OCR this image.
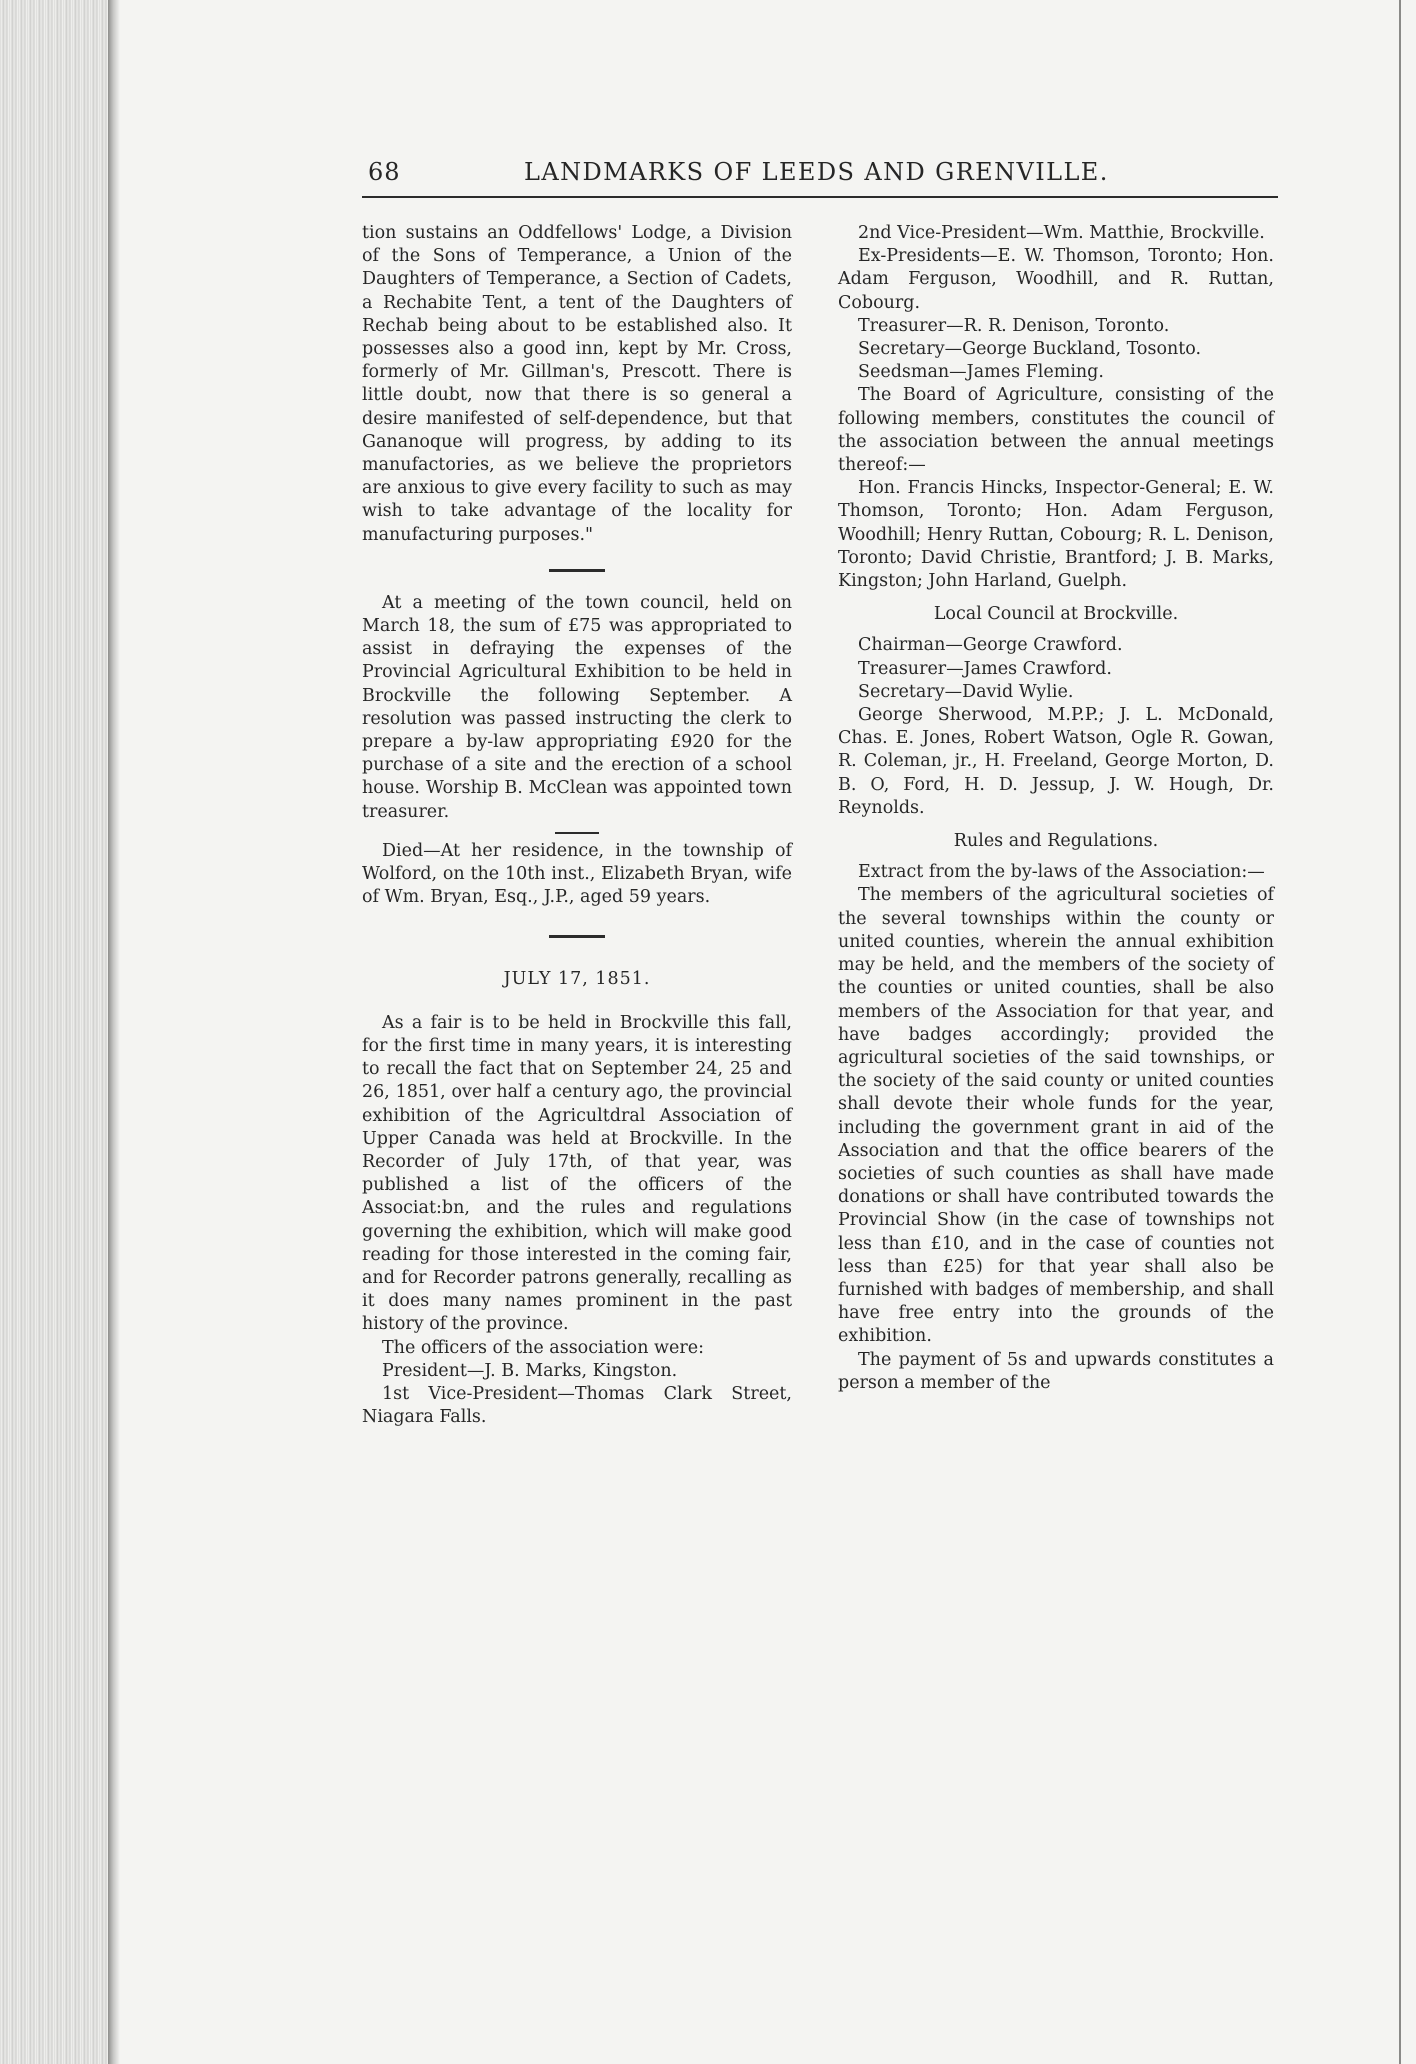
68	LANDMARKS OF LEEDS AND GRENVILLE.

tion sustains an Oddfellows' Lodge, a Division of the Sons of Temperance, a Union of the Daughters of Temperance, a Section of Cadets, a Rechabite Tent, a tent of the Daughters of Rechab being about to be established also. It possesses also a good inn, kept by Mr. Cross, formerly of Mr. Gillman's, Prescott. There is little doubt, now that there is so general a desire manifested of self-dependence, but that Gananoque will progress, by adding to its manufactories, as we believe the proprietors are anxious to give every facility to such as may wish to take advantage of the locality for manufacturing purposes."

At a meeting of the town council, held on March 18, the sum of £75 was appropriated to assist in defraying the expenses of the Provincial Agricultural Exhibition to be held in Brockville the following September. A resolution was passed instructing the clerk to prepare a by-law appropriating £920 for the purchase of a site and the erection of a school house. Worship B. McClean was appointed town treasurer.

Died—At her residence, in the township of Wolford, on the 10th inst., Elizabeth Bryan, wife of Wm. Bryan, Esq., J.P., aged 59 years.

JULY 17, 1851.

As a fair is to be held in Brockville this fall, for the first time in many years, it is interesting to recall the fact that on September 24, 25 and 26, 1851, over half a century ago, the provincial exhibition of the Agricultdral Association of Upper Canada was held at Brockville. In the Recorder of July 17th, of that year, was published a list of the officers of the Associat:bn, and the rules and regulations governing the exhibition, which will make good reading for those interested in the coming fair, and for Recorder patrons generally, recalling as it does many names prominent in the past history of the province.

The officers of the association were:

President—J. B. Marks, Kingston.

1st Vice-President—Thomas Clark Street, Niagara Falls.

2nd Vice-President—Wm. Matthie, Brockville.

Ex-Presidents—E. W. Thomson, Toronto; Hon. Adam Ferguson, Woodhill, and R. Ruttan, Cobourg.

Treasurer—R. R. Denison, Toronto.

Secretary—George Buckland, Tosonto.

Seedsman—James Fleming.

The Board of Agriculture, consisting of the following members, constitutes the council of the association between the annual meetings thereof:—

Hon. Francis Hincks, Inspector-General; E. W. Thomson, Toronto; Hon. Adam Ferguson, Woodhill; Henry Ruttan, Cobourg; R. L. Denison, Toronto; David Christie, Brantford; J. B. Marks, Kingston; John Harland, Guelph.

Local Council at Brockville.

Chairman—George Crawford.

Treasurer—James Crawford.

Secretary—David Wylie.

George Sherwood, M.P.P.; J. L. McDonald, Chas. E. Jones, Robert Watson, Ogle R. Gowan, R. Coleman, jr., H. Freeland, George Morton, D. B. O, Ford, H. D. Jessup, J. W. Hough, Dr. Reynolds.

Rules and Regulations.

Extract from the by-laws of the Association:—

The members of the agricultural societies of the several townships within the county or united counties, wherein the annual exhibition may be held, and the members of the society of the counties or united counties, shall be also members of the Association for that year, and have badges accordingly; provided the agricultural societies of the said townships, or the society of the said county or united counties shall devote their whole funds for the year, including the government grant in aid of the Association and that the office bearers of the societies of such counties as shall have made donations or shall have contributed towards the Provincial Show (in the case of townships not less than £10, and in the case of counties not less than £25) for that year shall also be furnished with badges of membership, and shall have free entry into the grounds of the exhibition.

The payment of 5s and upwards constitutes a person a member of the
